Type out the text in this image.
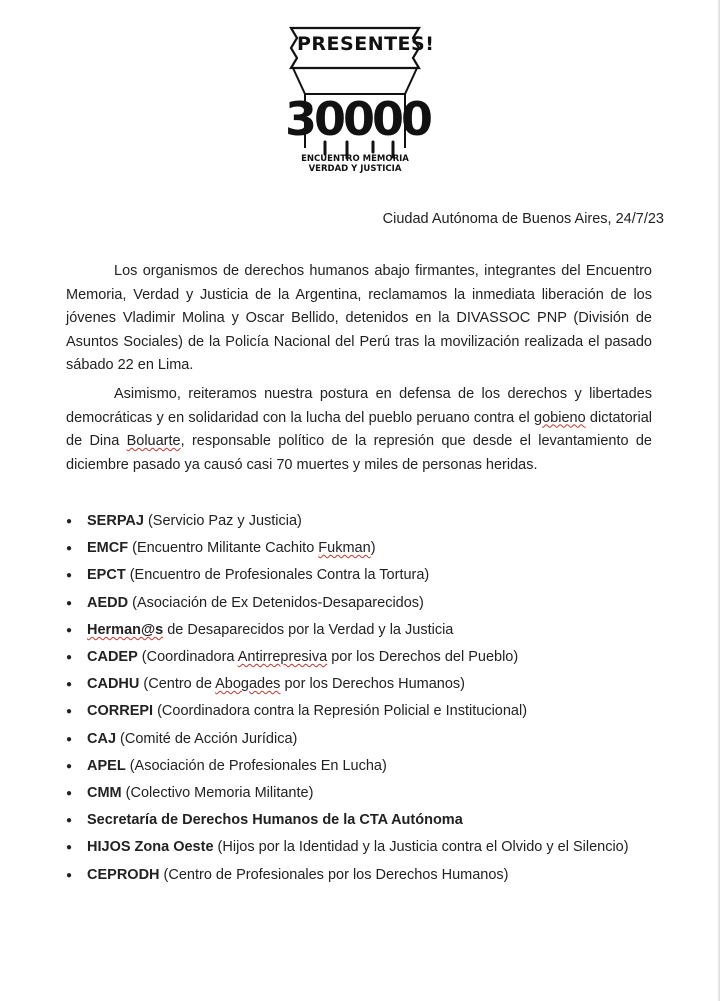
PRESENTES!
30000
ENCUENTRO MEMORIA
VERDAD Y JUSTICIA
Ciudad Autónoma de Buenos Aires, 24/7/23
Los organismos de derechos humanos abajo firmantes, integrantes del Encuentro Memoria, Verdad y Justicia de la Argentina, reclamamos la inmediata liberación de los jóvenes Vladimir Molina y Oscar Bellido, detenidos en la DIVASSOC PNP (División de Asuntos Sociales) de la Policía Nacional del Perú tras la movilización realizada el pasado sábado 22 en Lima.
Asimismo, reiteramos nuestra postura en defensa de los derechos y libertades democráticas y en solidaridad con la lucha del pueblo peruano contra el gobieno dictatorial de Dina Boluarte, responsable político de la represión que desde el levantamiento de diciembre pasado ya causó casi 70 muertes y miles de personas heridas.
● SERPAJ (Servicio Paz y Justicia)
● EMCF (Encuentro Militante Cachito Fukman)
● EPCT (Encuentro de Profesionales Contra la Tortura)
● AEDD (Asociación de Ex Detenidos-Desaparecidos)
● Herman@s de Desaparecidos por la Verdad y la Justicia
● CADEP (Coordinadora Antirrepresiva por los Derechos del Pueblo)
● CADHU (Centro de Abogades por los Derechos Humanos)
● CORREPI (Coordinadora contra la Represión Policial e Institucional)
● CAJ (Comité de Acción Jurídica)
● APEL (Asociación de Profesionales En Lucha)
● CMM (Colectivo Memoria Militante)
● Secretaría de Derechos Humanos de la CTA Autónoma
● HIJOS Zona Oeste (Hijos por la Identidad y la Justicia contra el Olvido y el Silencio)
● CEPRODH (Centro de Profesionales por los Derechos Humanos)
